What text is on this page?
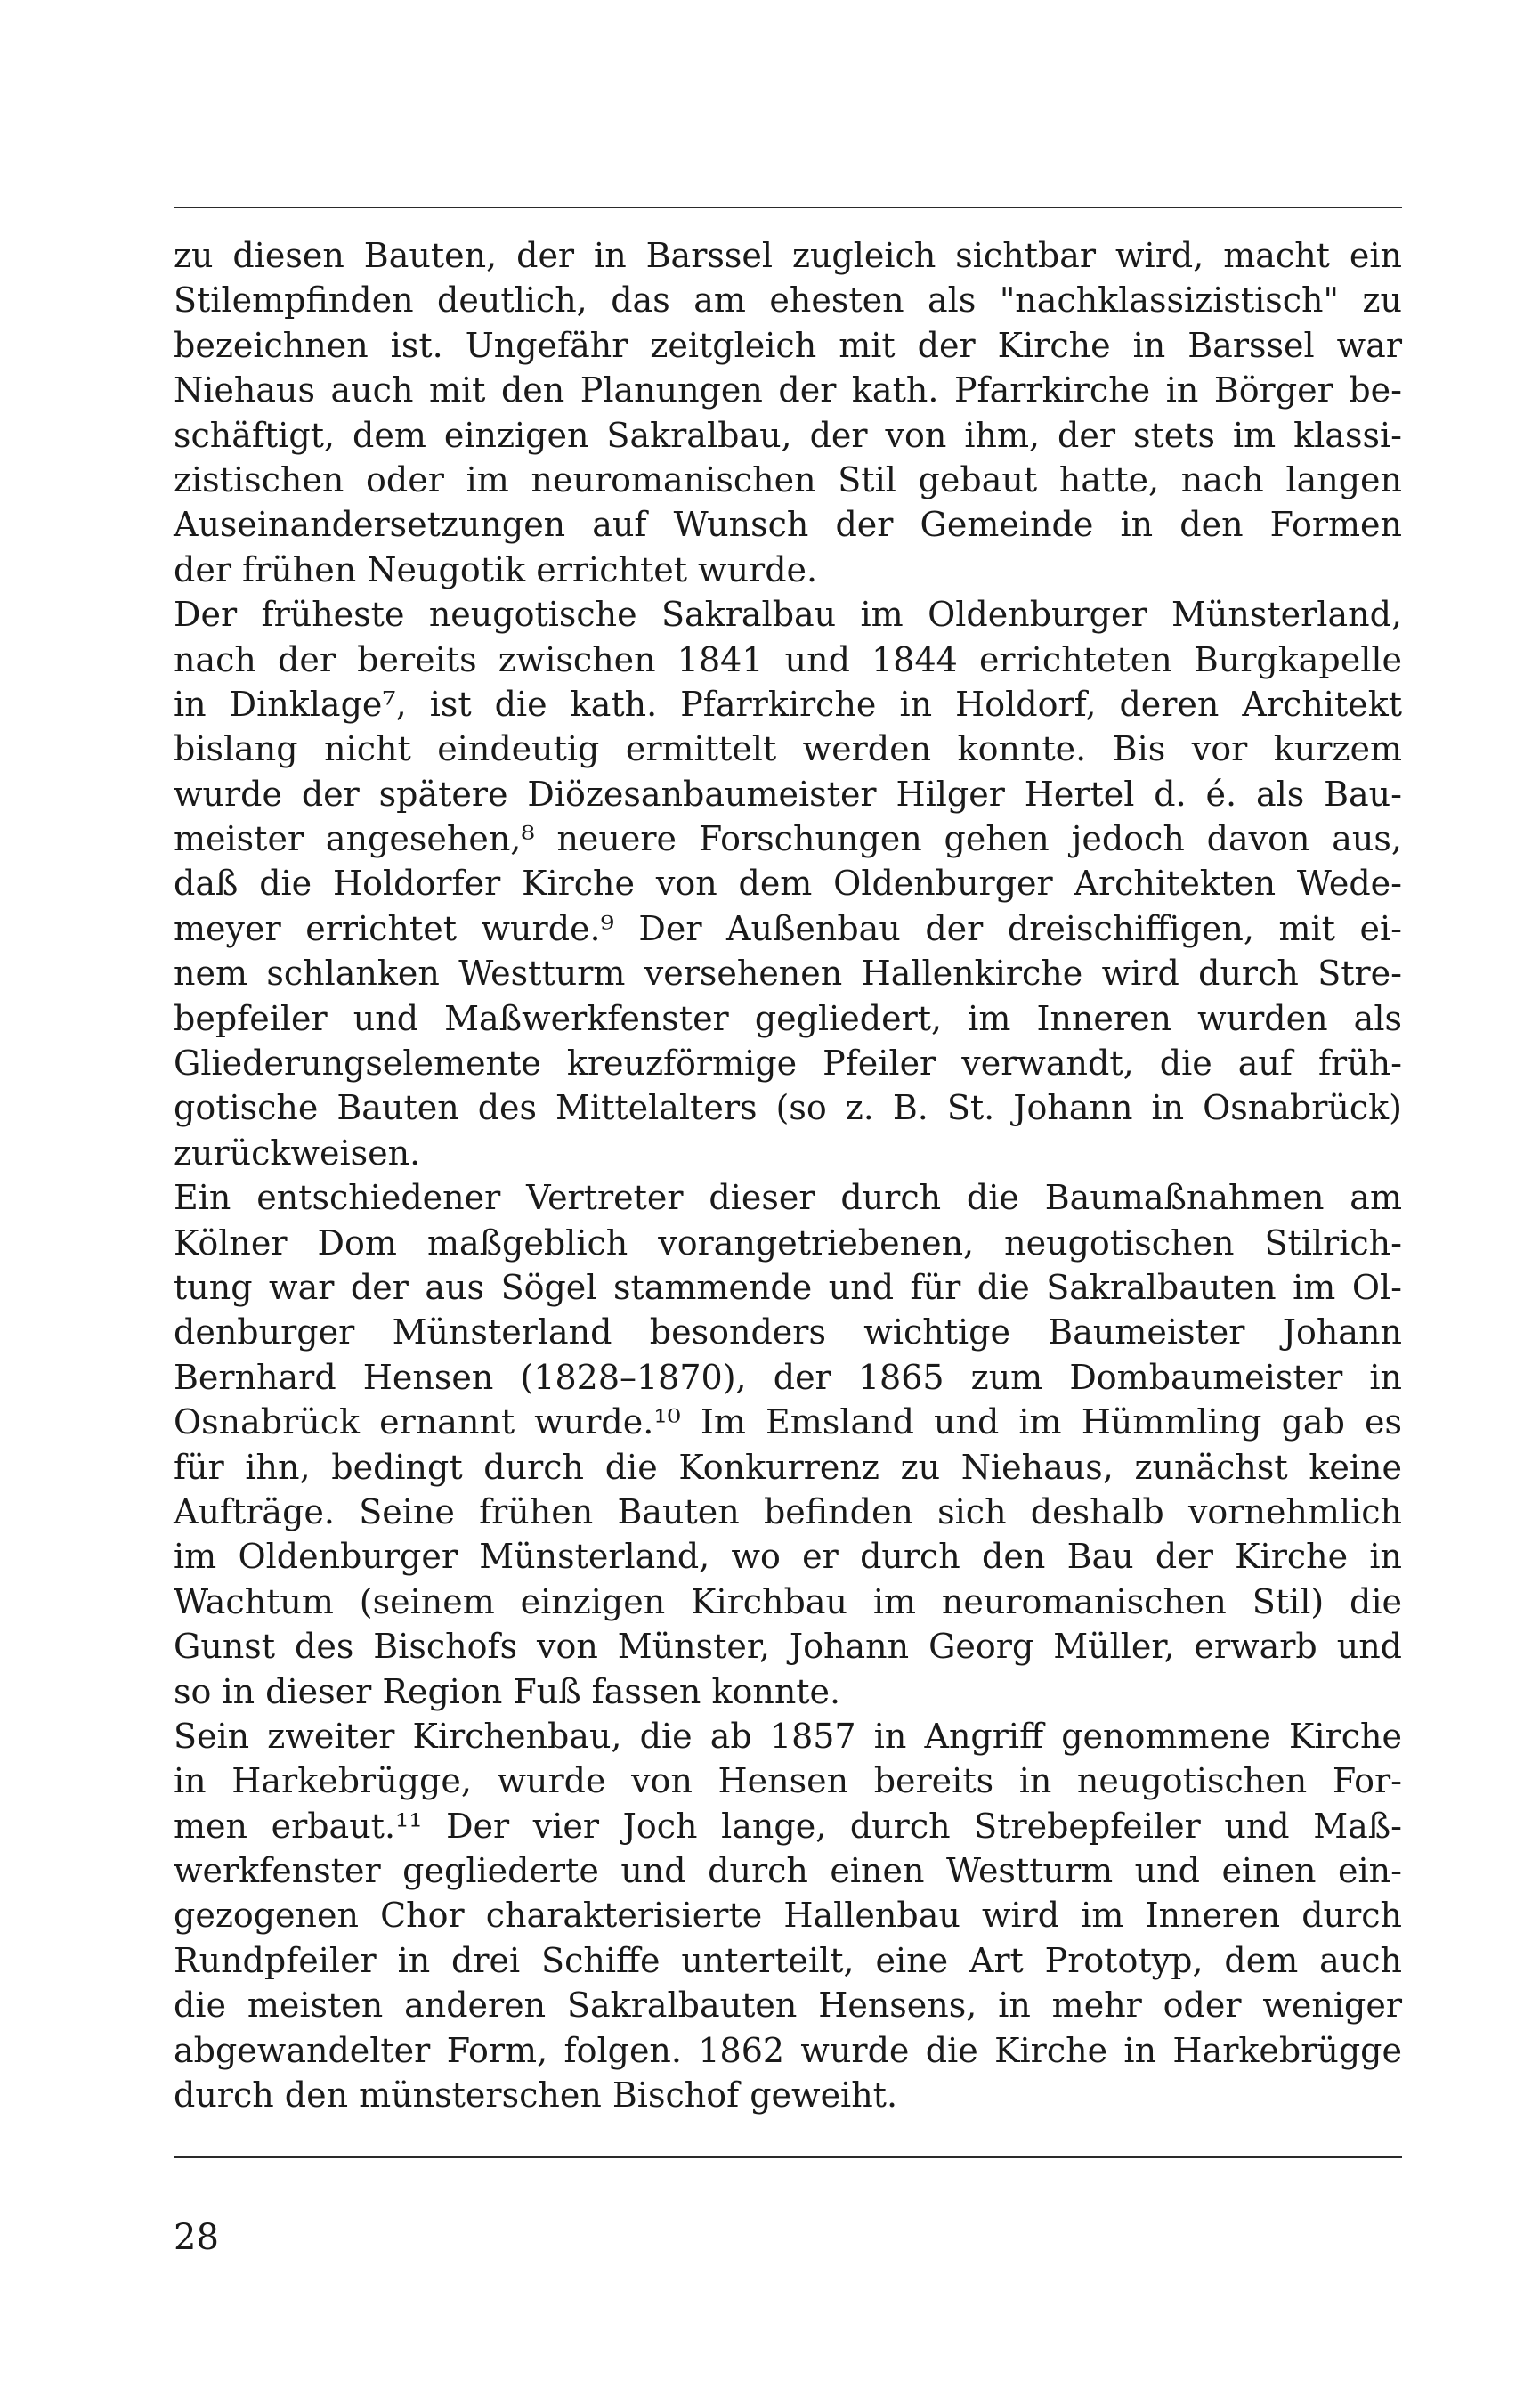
zu diesen Bauten, der in Barssel zugleich sichtbar wird, macht ein
Stilempfinden deutlich, das am ehesten als "nachklassizistisch" zu
bezeichnen ist. Ungefähr zeitgleich mit der Kirche in Barssel war
Niehaus auch mit den Planungen der kath. Pfarrkirche in Börger be-
schäftigt, dem einzigen Sakralbau, der von ihm, der stets im klassi-
zistischen oder im neuromanischen Stil gebaut hatte, nach langen
Auseinandersetzungen auf Wunsch der Gemeinde in den Formen
der frühen Neugotik errichtet wurde.
Der früheste neugotische Sakralbau im Oldenburger Münsterland,
nach der bereits zwischen 1841 und 1844 errichteten Burgkapelle
in Dinklage⁷, ist die kath. Pfarrkirche in Holdorf, deren Architekt
bislang nicht eindeutig ermittelt werden konnte. Bis vor kurzem
wurde der spätere Diözesanbaumeister Hilger Hertel d. é. als Bau-
meister angesehen,⁸ neuere Forschungen gehen jedoch davon aus,
daß die Holdorfer Kirche von dem Oldenburger Architekten Wede-
meyer errichtet wurde.⁹ Der Außenbau der dreischiffigen, mit ei-
nem schlanken Westturm versehenen Hallenkirche wird durch Stre-
bepfeiler und Maßwerkfenster gegliedert, im Inneren wurden als
Gliederungselemente kreuzförmige Pfeiler verwandt, die auf früh-
gotische Bauten des Mittelalters (so z. B. St. Johann in Osnabrück)
zurückweisen.
Ein entschiedener Vertreter dieser durch die Baumaßnahmen am
Kölner Dom maßgeblich vorangetriebenen, neugotischen Stilrich-
tung war der aus Sögel stammende und für die Sakralbauten im Ol-
denburger Münsterland besonders wichtige Baumeister Johann
Bernhard Hensen (1828–1870), der 1865 zum Dombaumeister in
Osnabrück ernannt wurde.¹⁰ Im Emsland und im Hümmling gab es
für ihn, bedingt durch die Konkurrenz zu Niehaus, zunächst keine
Aufträge. Seine frühen Bauten befinden sich deshalb vornehmlich
im Oldenburger Münsterland, wo er durch den Bau der Kirche in
Wachtum (seinem einzigen Kirchbau im neuromanischen Stil) die
Gunst des Bischofs von Münster, Johann Georg Müller, erwarb und
so in dieser Region Fuß fassen konnte.
Sein zweiter Kirchenbau, die ab 1857 in Angriff genommene Kirche
in Harkebrügge, wurde von Hensen bereits in neugotischen For-
men erbaut.¹¹ Der vier Joch lange, durch Strebepfeiler und Maß-
werkfenster gegliederte und durch einen Westturm und einen ein-
gezogenen Chor charakterisierte Hallenbau wird im Inneren durch
Rundpfeiler in drei Schiffe unterteilt, eine Art Prototyp, dem auch
die meisten anderen Sakralbauten Hensens, in mehr oder weniger
abgewandelter Form, folgen. 1862 wurde die Kirche in Harkebrügge
durch den münsterschen Bischof geweiht.
28
